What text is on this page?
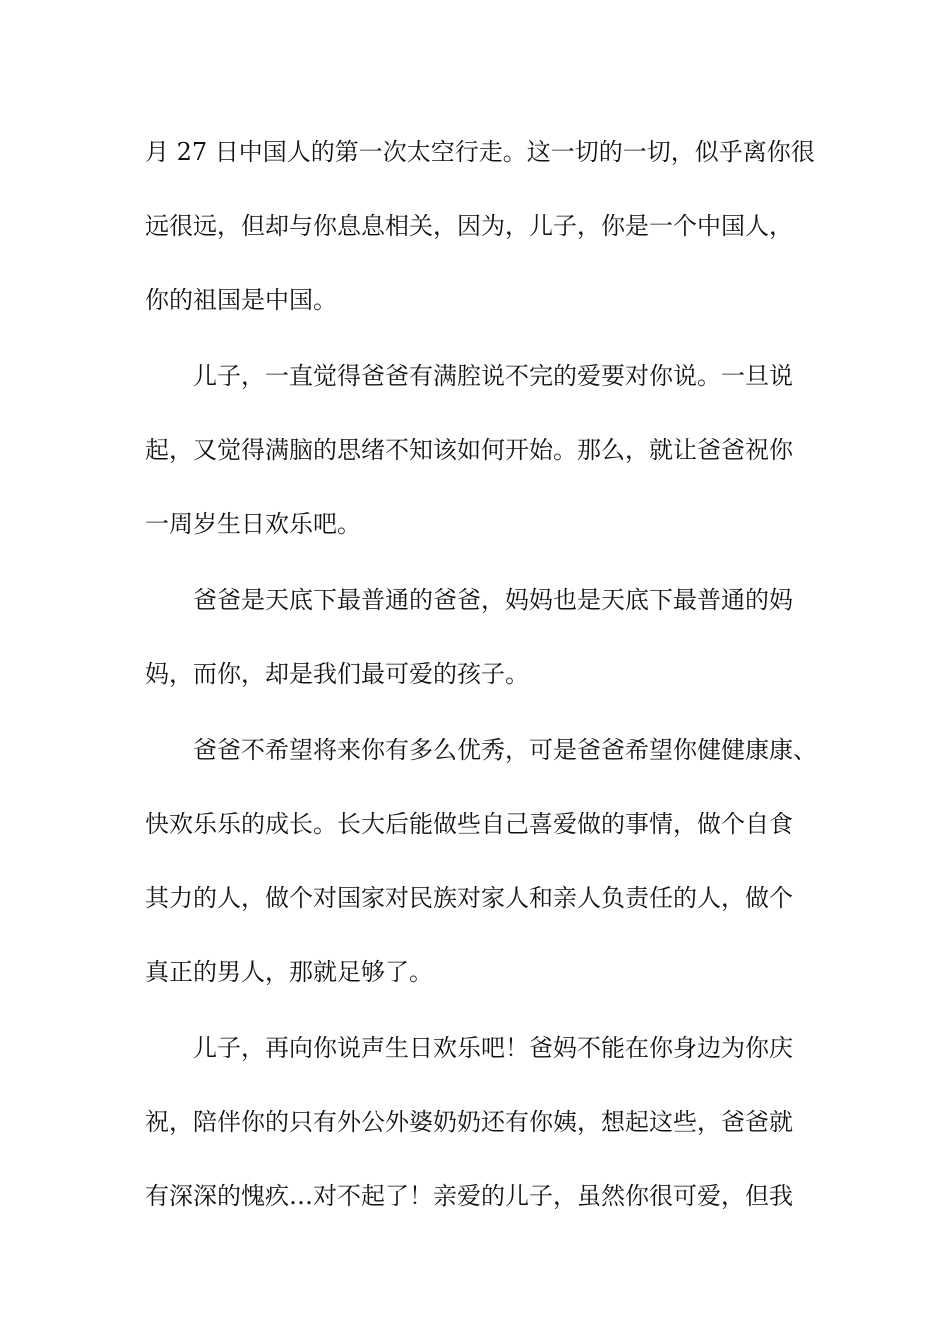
月 27 日中国人的第一次太空行走。这一切的一切，似乎离你很
远很远，但却与你息息相关，因为，儿子，你是一个中国人，
你的祖国是中国。
儿子，一直觉得爸爸有满腔说不完的爱要对你说。一旦说
起，又觉得满脑的思绪不知该如何开始。那么，就让爸爸祝你
一周岁生日欢乐吧。
爸爸是天底下最普通的爸爸，妈妈也是天底下最普通的妈
妈，而你，却是我们最可爱的孩子。
爸爸不希望将来你有多么优秀，可是爸爸希望你健健康康、
快欢乐乐的成长。长大后能做些自己喜爱做的事情，做个自食
其力的人，做个对国家对民族对家人和亲人负责任的人，做个
真正的男人，那就足够了。
儿子，再向你说声生日欢乐吧！爸妈不能在你身边为你庆
祝，陪伴你的只有外公外婆奶奶还有你姨，想起这些，爸爸就
有深深的愧疚…对不起了！亲爱的儿子，虽然你很可爱，但我
